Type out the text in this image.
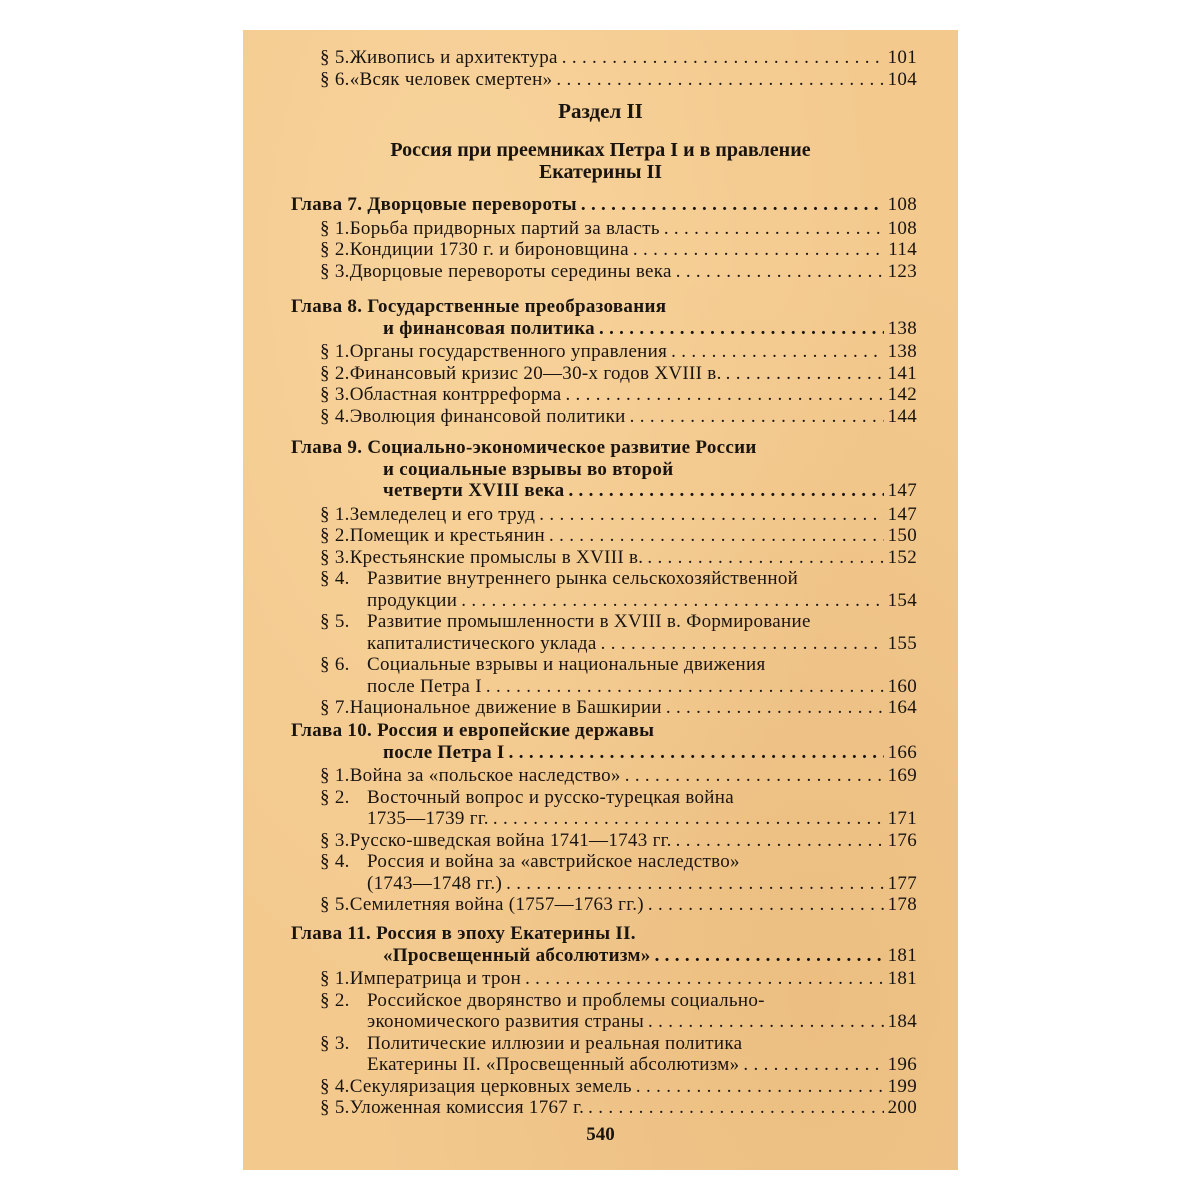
Раздел II
Россия при преемниках Петра I и в правление
Екатерины II
§ 5. Живопись и архитектура . . .	101
§ 6. «Всяк человек смертен» . . .	104
Глава 7. Дворцовые перевороты . . .	108
§ 1. Борьба придворных партий за власть . . .	108
§ 2. Кондиции 1730 г. и бироновщина . . .	114
§ 3. Дворцовые перевороты середины века . . .	123
Глава 8. Государственные преобразования
и финансовая политика . . .	138
§ 1. Органы государственного управления . . .	138
§ 2. Финансовый кризис 20—30-х годов XVIII в. . . .	141
§ 3. Областная контрреформа . . .	142
§ 4. Эволюция финансовой политики . . .	144
Глава 9. Социально-экономическое развитие России
и социальные взрывы во второй
четверти XVIII века . . .	147
§ 1. Земледелец и его труд . . .	147
§ 2. Помещик и крестьянин . . .	150
§ 3. Крестьянские промыслы в XVIII в. . . .	152
§ 4. Развитие внутреннего рынка сельскохозяйственной
продукции . . .	154
§ 5. Развитие промышленности в XVIII в. Формирование
капиталистического уклада . . .	155
§ 6. Социальные взрывы и национальные движения
после Петра I . . .	160
§ 7. Национальное движение в Башкирии . . .	164
Глава 10. Россия и европейские державы
после Петра I . . .	166
§ 1. Война за «польское наследство» . . .	169
§ 2. Восточный вопрос и русско-турецкая война
1735—1739 гг. . . .	171
§ 3. Русско-шведская война 1741—1743 гг. . . .	176
§ 4. Россия и война за «австрийское наследство»
(1743—1748 гг.) . . .	177
§ 5. Семилетняя война (1757—1763 гг.) . . .	178
Глава 11. Россия в эпоху Екатерины II.
«Просвещенный абсолютизм» . . .	181
§ 1. Императрица и трон . . .	181
§ 2. Российское дворянство и проблемы социально-
экономического развития страны . . .	184
§ 3. Политические иллюзии и реальная политика
Екатерины II. «Просвещенный абсолютизм» . . .	196
§ 4. Секуляризация церковных земель . . .	199
§ 5. Уложенная комиссия 1767 г. . . .	200
540
